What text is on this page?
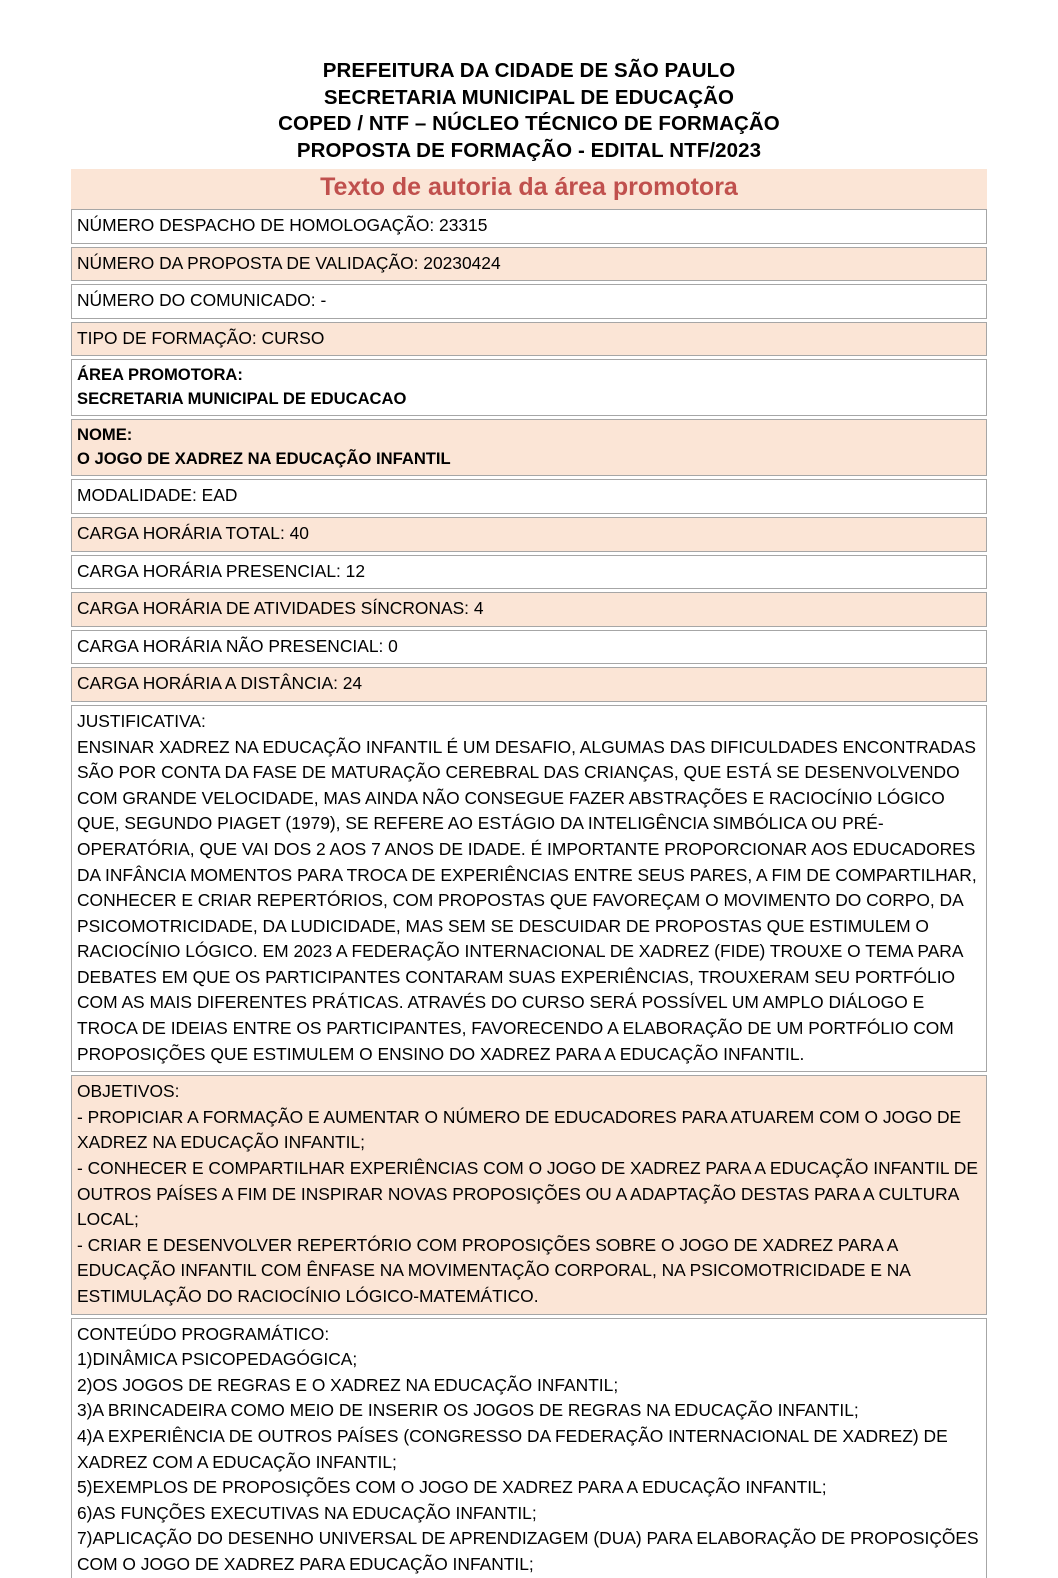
PREFEITURA DA CIDADE DE SÃO PAULO
SECRETARIA MUNICIPAL DE EDUCAÇÃO
COPED / NTF – NÚCLEO TÉCNICO DE FORMAÇÃO
PROPOSTA DE FORMAÇÃO - EDITAL NTF/2023
Texto de autoria da área promotora
NÚMERO DESPACHO DE HOMOLOGAÇÃO: 23315
NÚMERO DA PROPOSTA DE VALIDAÇÃO: 20230424
NÚMERO DO COMUNICADO: -
TIPO DE FORMAÇÃO: CURSO
ÁREA PROMOTORA:
SECRETARIA MUNICIPAL DE EDUCACAO
NOME:
O JOGO DE XADREZ NA EDUCAÇÃO INFANTIL
MODALIDADE: EAD
CARGA HORÁRIA TOTAL: 40
CARGA HORÁRIA PRESENCIAL: 12
CARGA HORÁRIA DE ATIVIDADES SÍNCRONAS: 4
CARGA HORÁRIA NÃO PRESENCIAL: 0
CARGA HORÁRIA A DISTÂNCIA: 24
JUSTIFICATIVA:
ENSINAR XADREZ NA EDUCAÇÃO INFANTIL É UM DESAFIO, ALGUMAS DAS DIFICULDADES ENCONTRADAS SÃO POR CONTA DA FASE DE MATURAÇÃO CEREBRAL DAS CRIANÇAS, QUE ESTÁ SE DESENVOLVENDO COM GRANDE VELOCIDADE, MAS AINDA NÃO CONSEGUE FAZER ABSTRAÇÕES E RACIOCÍNIO LÓGICO QUE, SEGUNDO PIAGET (1979), SE REFERE AO ESTÁGIO DA INTELIGÊNCIA SIMBÓLICA OU PRÉ-OPERATÓRIA, QUE VAI DOS 2 AOS 7 ANOS DE IDADE. É IMPORTANTE PROPORCIONAR AOS EDUCADORES DA INFÂNCIA MOMENTOS PARA TROCA DE EXPERIÊNCIAS ENTRE SEUS PARES, A FIM DE COMPARTILHAR, CONHECER E CRIAR REPERTÓRIOS, COM PROPOSTAS QUE FAVOREÇAM O MOVIMENTO DO CORPO, DA PSICOMOTRICIDADE, DA LUDICIDADE, MAS SEM SE DESCUIDAR DE PROPOSTAS QUE ESTIMULEM O RACIOCÍNIO LÓGICO. EM 2023 A FEDERAÇÃO INTERNACIONAL DE XADREZ (FIDE) TROUXE O TEMA PARA DEBATES EM QUE OS PARTICIPANTES CONTARAM SUAS EXPERIÊNCIAS, TROUXERAM SEU PORTFÓLIO COM AS MAIS DIFERENTES PRÁTICAS. ATRAVÉS DO CURSO SERÁ POSSÍVEL UM AMPLO DIÁLOGO E TROCA DE IDEIAS ENTRE OS PARTICIPANTES, FAVORECENDO A ELABORAÇÃO DE UM PORTFÓLIO COM PROPOSIÇÕES QUE ESTIMULEM O ENSINO DO XADREZ PARA A EDUCAÇÃO INFANTIL.
OBJETIVOS:
- PROPICIAR A FORMAÇÃO E AUMENTAR O NÚMERO DE EDUCADORES PARA ATUAREM COM O JOGO DE XADREZ NA EDUCAÇÃO INFANTIL;
- CONHECER E COMPARTILHAR EXPERIÊNCIAS COM O JOGO DE XADREZ PARA A EDUCAÇÃO INFANTIL DE OUTROS PAÍSES A FIM DE INSPIRAR NOVAS PROPOSIÇÕES OU A ADAPTAÇÃO DESTAS PARA A CULTURA LOCAL;
- CRIAR E DESENVOLVER REPERTÓRIO COM PROPOSIÇÕES SOBRE O JOGO DE XADREZ PARA A EDUCAÇÃO INFANTIL COM ÊNFASE NA MOVIMENTAÇÃO CORPORAL, NA PSICOMOTRICIDADE E NA ESTIMULAÇÃO DO RACIOCÍNIO LÓGICO-MATEMÁTICO.
CONTEÚDO PROGRAMÁTICO:
1)DINÂMICA PSICOPEDAGÓGICA;
2)OS JOGOS DE REGRAS E O XADREZ NA EDUCAÇÃO INFANTIL;
3)A BRINCADEIRA COMO MEIO DE INSERIR OS JOGOS DE REGRAS NA EDUCAÇÃO INFANTIL;
4)A EXPERIÊNCIA DE OUTROS PAÍSES (CONGRESSO DA FEDERAÇÃO INTERNACIONAL DE XADREZ) DE XADREZ COM A EDUCAÇÃO INFANTIL;
5)EXEMPLOS DE PROPOSIÇÕES COM O JOGO DE XADREZ PARA A EDUCAÇÃO INFANTIL;
6)AS FUNÇÕES EXECUTIVAS NA EDUCAÇÃO INFANTIL;
7)APLICAÇÃO DO DESENHO UNIVERSAL DE APRENDIZAGEM (DUA) PARA ELABORAÇÃO DE PROPOSIÇÕES COM O JOGO DE XADREZ PARA EDUCAÇÃO INFANTIL;
